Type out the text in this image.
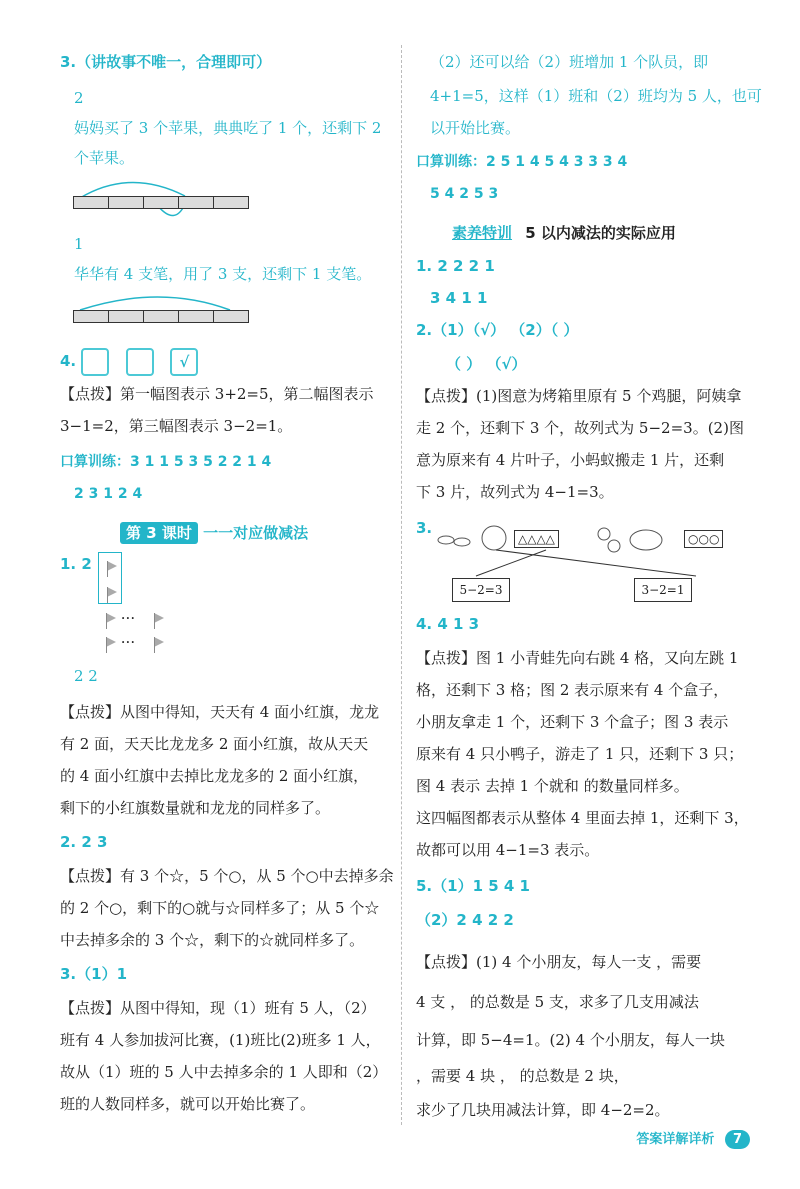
3.（讲故事不唯一，合理即可）
2
妈妈买了 3 个苹果，典典吃了 1 个，还剩下 2
个苹果。
1
华华有 4 支笔，用了 3 支，还剩下 1 支笔。
4.	√
【点拨】第一幅图表示 3+2=5，第二幅图表示
3−1=2，第三幅图表示 3−2=1。
口算训练：3 1 1 5 3 5 2 2 1 4
2 3 1 2 4
第 3 课时 一一对应做减法
1. 2

···
···
2 2
【点拨】从图中得知，天天有 4 面小红旗，龙龙
有 2 面，天天比龙龙多 2 面小红旗，故从天天
的 4 面小红旗中去掉比龙龙多的 2 面小红旗，
剩下的小红旗数量就和龙龙的同样多了。
2. 2 3
【点拨】有 3 个☆，5 个○，从 5 个○中去掉多余
的 2 个○，剩下的○就与☆同样多了；从 5 个☆
中去掉多余的 3 个☆，剩下的☆就同样多了。
3.（1）1
【点拨】从图中得知，现（1）班有 5 人，（2）
班有 4 人参加拔河比赛，(1)班比(2)班多 1 人，
故从（1）班的 5 人中去掉多余的 1 人即和（2）
班的人数同样多，就可以开始比赛了。
（2）还可以给（2）班增加 1 个队员，即
4+1=5，这样（1）班和（2）班均为 5 人，也可
以开始比赛。
口算训练：2 5 1 4 5 4 3 3 3 4
5 4 2 5 3
素养特训 5 以内减法的实际应用
1. 2 2 2 1
3 4 1 1
2.（1）（√） （2）（ ）
（ ） （√）
【点拨】(1)图意为烤箱里原有 5 个鸡腿，阿姨拿
走 2 个，还剩下 3 个，故列式为 5−2=3。(2)图
意为原来有 4 片叶子，小蚂蚁搬走 1 片，还剩
下 3 片，故列式为 4−1=3。
3.
△△△△	○○○
5−2=3	3−2=1
4. 4 1 3
【点拨】图 1 小青蛙先向右跳 4 格，又向左跳 1
格，还剩下 3 格；图 2 表示原来有 4 个盒子，
小朋友拿走 1 个，还剩下 3 个盒子；图 3 表示
原来有 4 只小鸭子，游走了 1 只，还剩下 3 只；
图 4 表示 去掉 1 个就和 的数量同样多。
这四幅图都表示从整体 4 里面去掉 1，还剩下 3，
故都可以用 4−1=3 表示。
5.（1）1 5 4 1
（2）2 4 2 2
【点拨】(1) 4 个小朋友，每人一支 ，需要
4 支 ， 的总数是 5 支，求多了几支用减法
计算，即 5−4=1。(2) 4 个小朋友，每人一块
，需要 4 块 ， 的总数是 2 块，
求少了几块用减法计算，即 4−2=2。
答案详解详析 7
